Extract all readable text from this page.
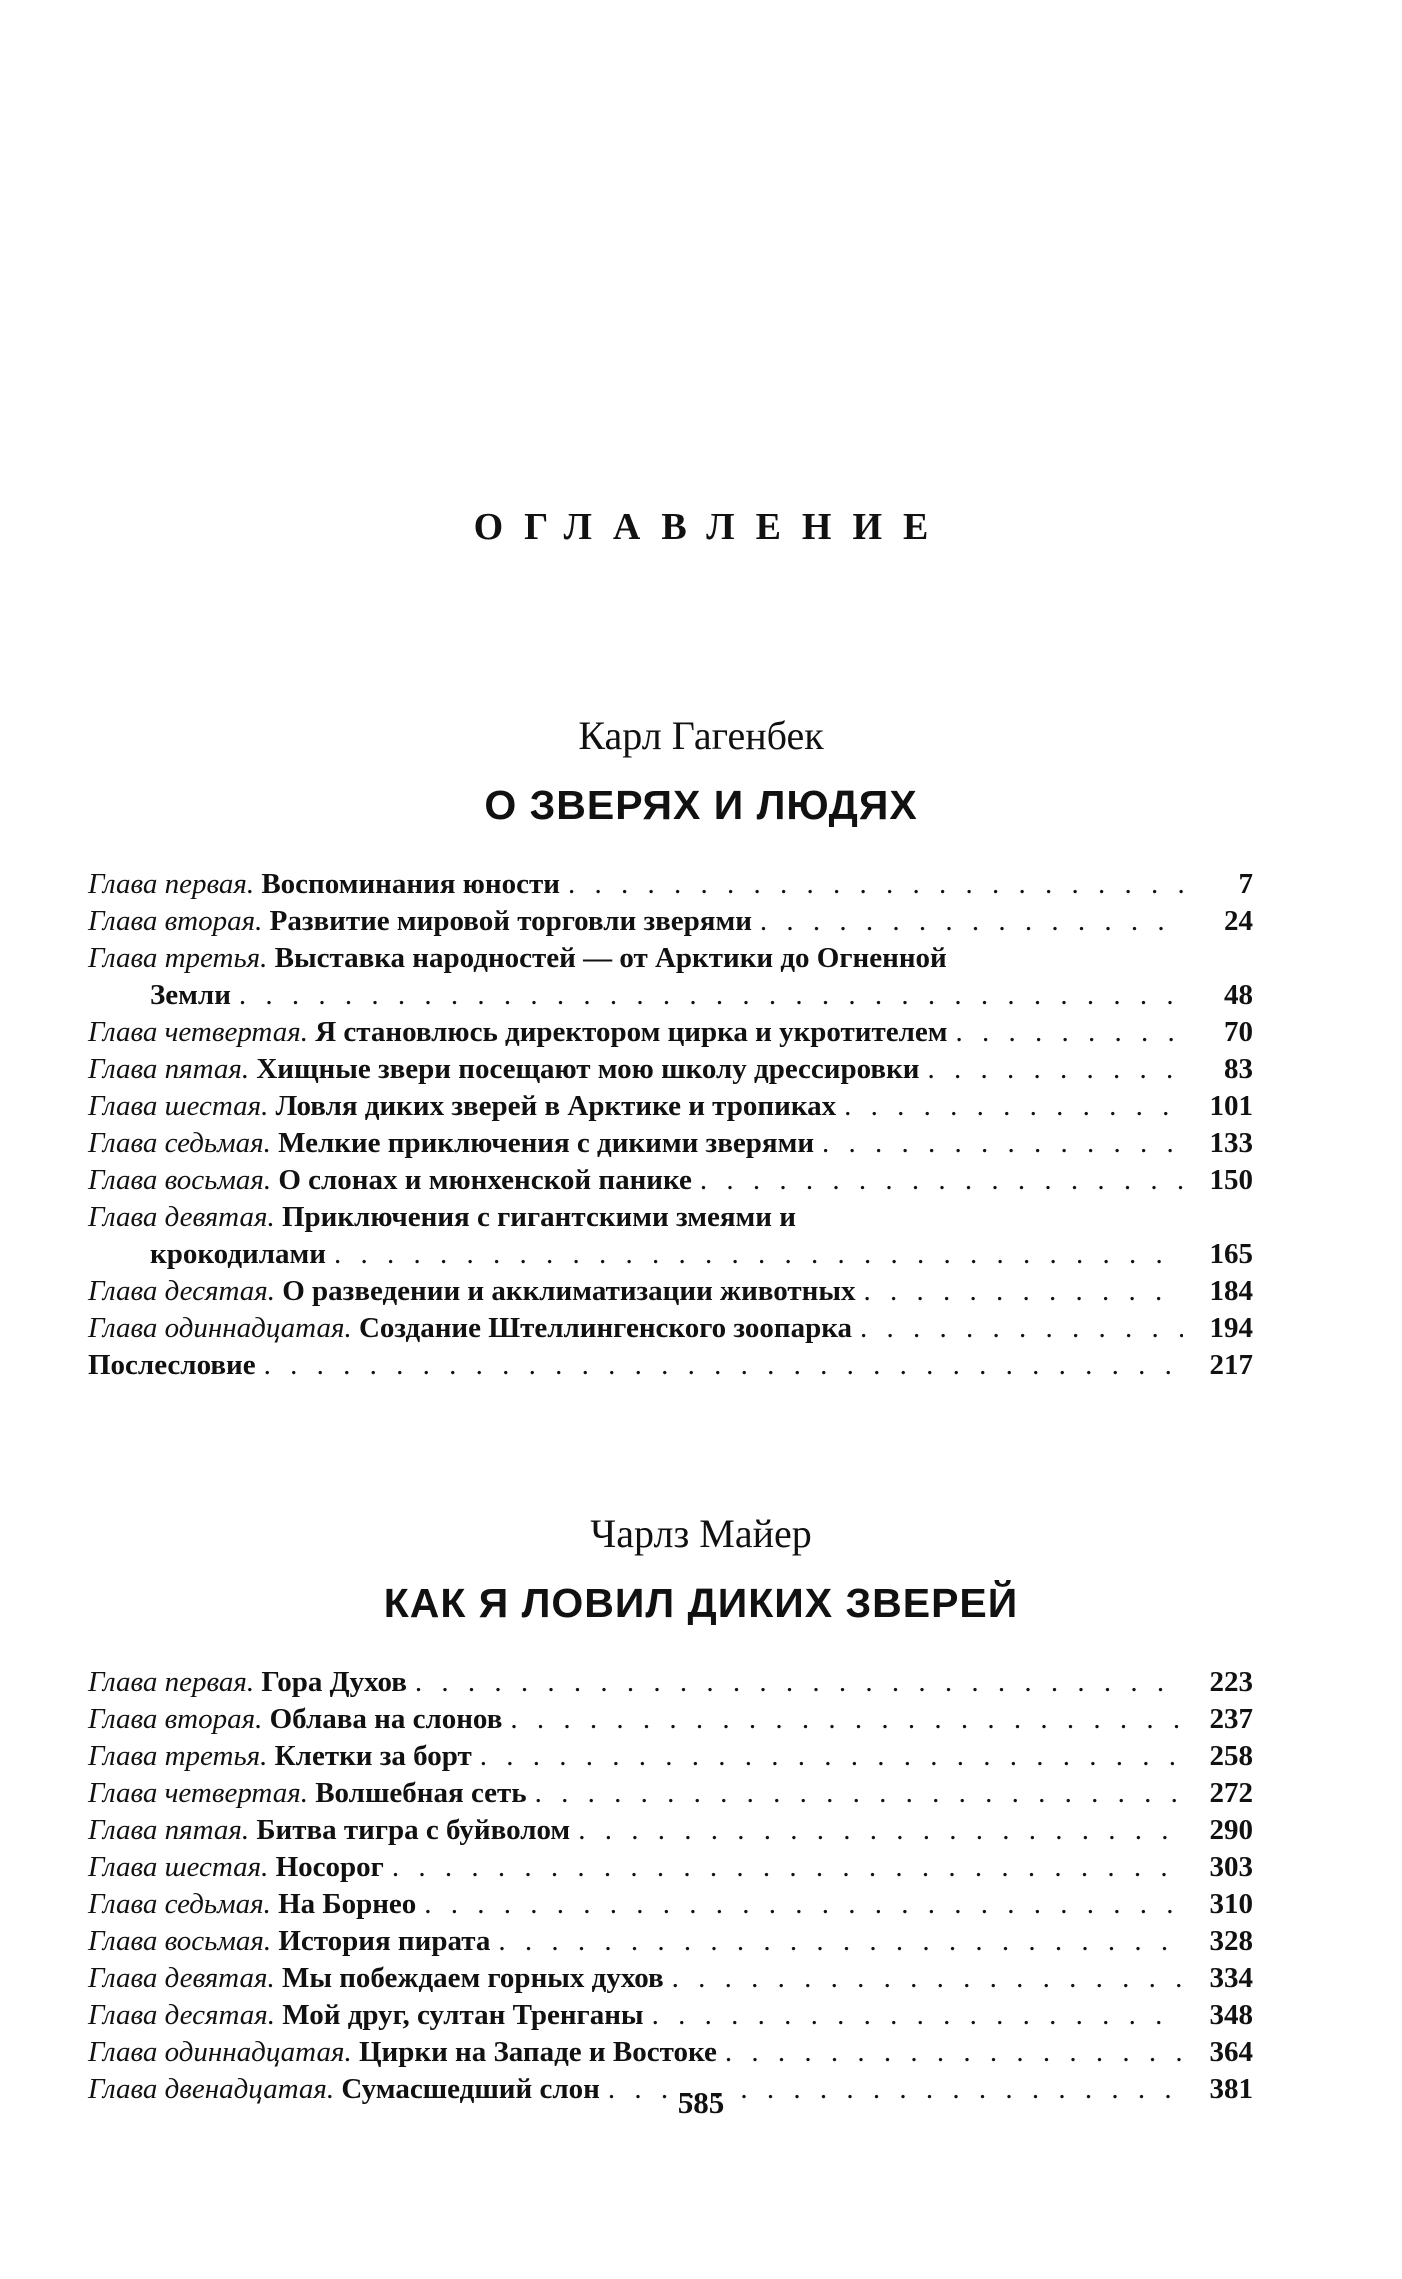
ОГЛАВЛЕНИЕ
Карл Гагенбек
О ЗВЕРЯХ И ЛЮДЯХ
Глава первая. Воспоминания юности . . .	7
Глава вторая. Развитие мировой торговли зверями . . .	24
Глава третья. Выставка народностей — от Арктики до Огненной
Земли . . .	48
Глава четвертая. Я становлюсь директором цирка и укротителем . . .	70
Глава пятая. Хищные звери посещают мою школу дрессировки . . .	83
Глава шестая. Ловля диких зверей в Арктике и тропиках . . .	101
Глава седьмая. Мелкие приключения с дикими зверями . . .	133
Глава восьмая. О слонах и мюнхенской панике . . .	150
Глава девятая. Приключения с гигантскими змеями и
крокодилами . . .	165
Глава десятая. О разведении и акклиматизации животных . . .	184
Глава одиннадцатая. Создание Штеллингенского зоопарка . . .	194
Послесловие . . .	217
Чарлз Майер
КАК Я ЛОВИЛ ДИКИХ ЗВЕРЕЙ
Глава первая. Гора Духов . . .	223
Глава вторая. Облава на слонов . . .	237
Глава третья. Клетки за борт . . .	258
Глава четвертая. Волшебная сеть . . .	272
Глава пятая. Битва тигра с буйволом . . .	290
Глава шестая. Носорог . . .	303
Глава седьмая. На Борнео . . .	310
Глава восьмая. История пирата . . .	328
Глава девятая. Мы побеждаем горных духов . . .	334
Глава десятая. Мой друг, султан Тренганы . . .	348
Глава одиннадцатая. Цирки на Западе и Востоке . . .	364
Глава двенадцатая. Сумасшедший слон . . .	381
585
